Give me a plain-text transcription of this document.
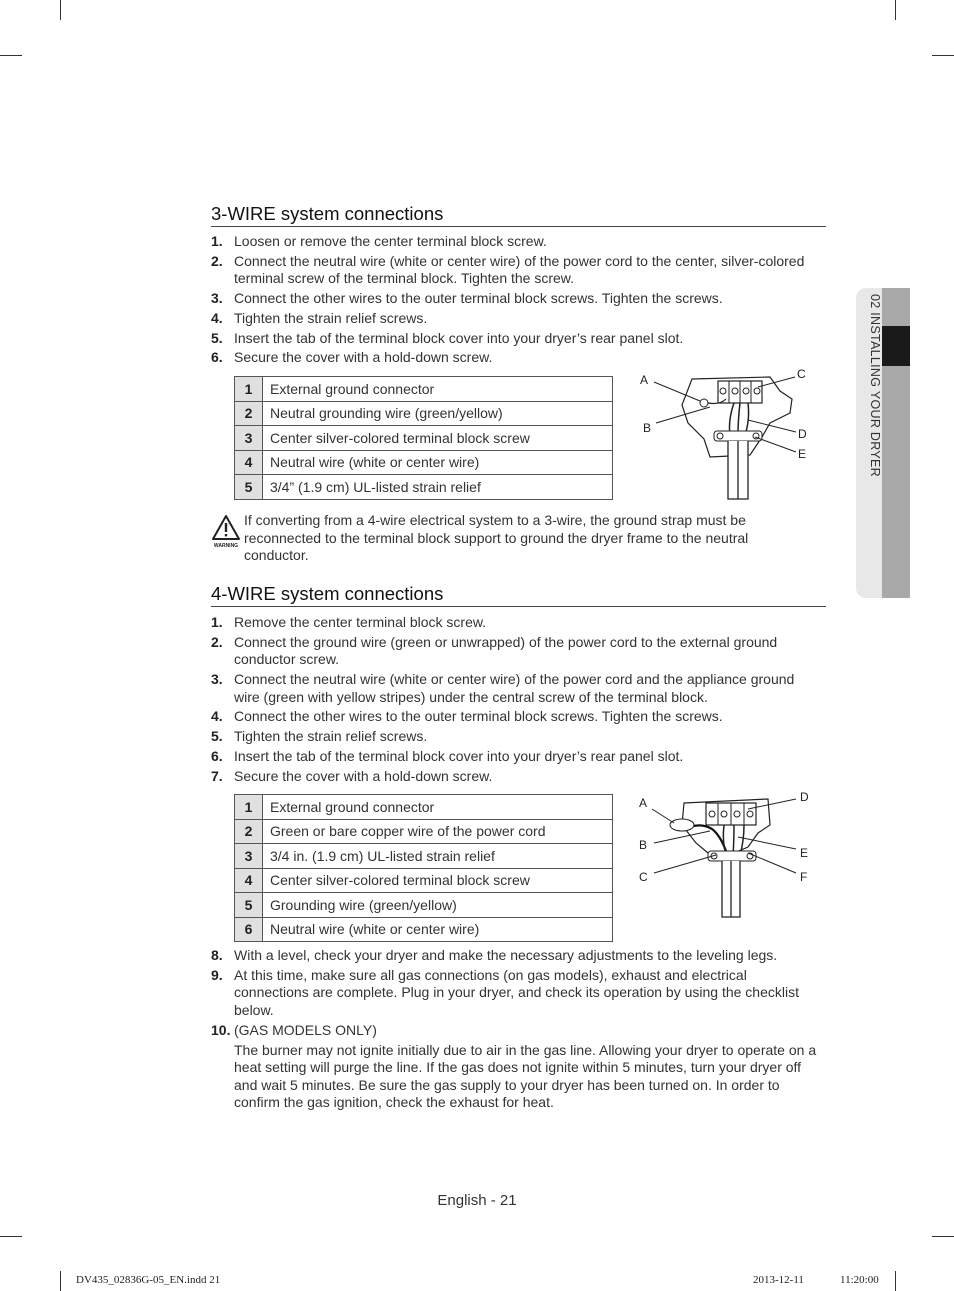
02 INSTALLING YOUR DRYER
3-WIRE system connections
1. Loosen or remove the center terminal block screw.
2. Connect the neutral wire (white or center wire) of the power cord to the center, silver-colored terminal screw of the terminal block. Tighten the screw.
3. Connect the other wires to the outer terminal block screws. Tighten the screws.
4. Tighten the strain relief screws.
5. Insert the tab of the terminal block cover into your dryer’s rear panel slot.
6. Secure the cover with a hold-down screw.
1	External ground connector
2	Neutral grounding wire (green/yellow)
3	Center silver-colored terminal block screw
4	Neutral wire (white or center wire)
5	3/4” (1.9 cm) UL-listed strain relief
A
B
C
D
E
WARNING
If converting from a 4-wire electrical system to a 3-wire, the ground strap must be reconnected to the terminal block support to ground the dryer frame to the neutral conductor.
4-WIRE system connections
1. Remove the center terminal block screw.
2. Connect the ground wire (green or unwrapped) of the power cord to the external ground conductor screw.
3. Connect the neutral wire (white or center wire) of the power cord and the appliance ground wire (green with yellow stripes) under the central screw of the terminal block.
4. Connect the other wires to the outer terminal block screws. Tighten the screws.
5. Tighten the strain relief screws.
6. Insert the tab of the terminal block cover into your dryer’s rear panel slot.
7. Secure the cover with a hold-down screw.
1	External ground connector
2	Green or bare copper wire of the power cord
3	3/4 in. (1.9 cm) UL-listed strain relief
4	Center silver-colored terminal block screw
5	Grounding wire (green/yellow)
6	Neutral wire (white or center wire)
A
B
C
D
E
F
8. With a level, check your dryer and make the necessary adjustments to the leveling legs.
9. At this time, make sure all gas connections (on gas models), exhaust and electrical connections are complete. Plug in your dryer, and check its operation by using the checklist below.
10. (GAS MODELS ONLY)
The burner may not ignite initially due to air in the gas line. Allowing your dryer to operate on a heat setting will purge the line. If the gas does not ignite within 5 minutes, turn your dryer off and wait 5 minutes. Be sure the gas supply to your dryer has been turned on. In order to confirm the gas ignition, check the exhaust for heat.
English - 21
DV435_02836G-05_EN.indd 21	2013-12-11	11:20:00
